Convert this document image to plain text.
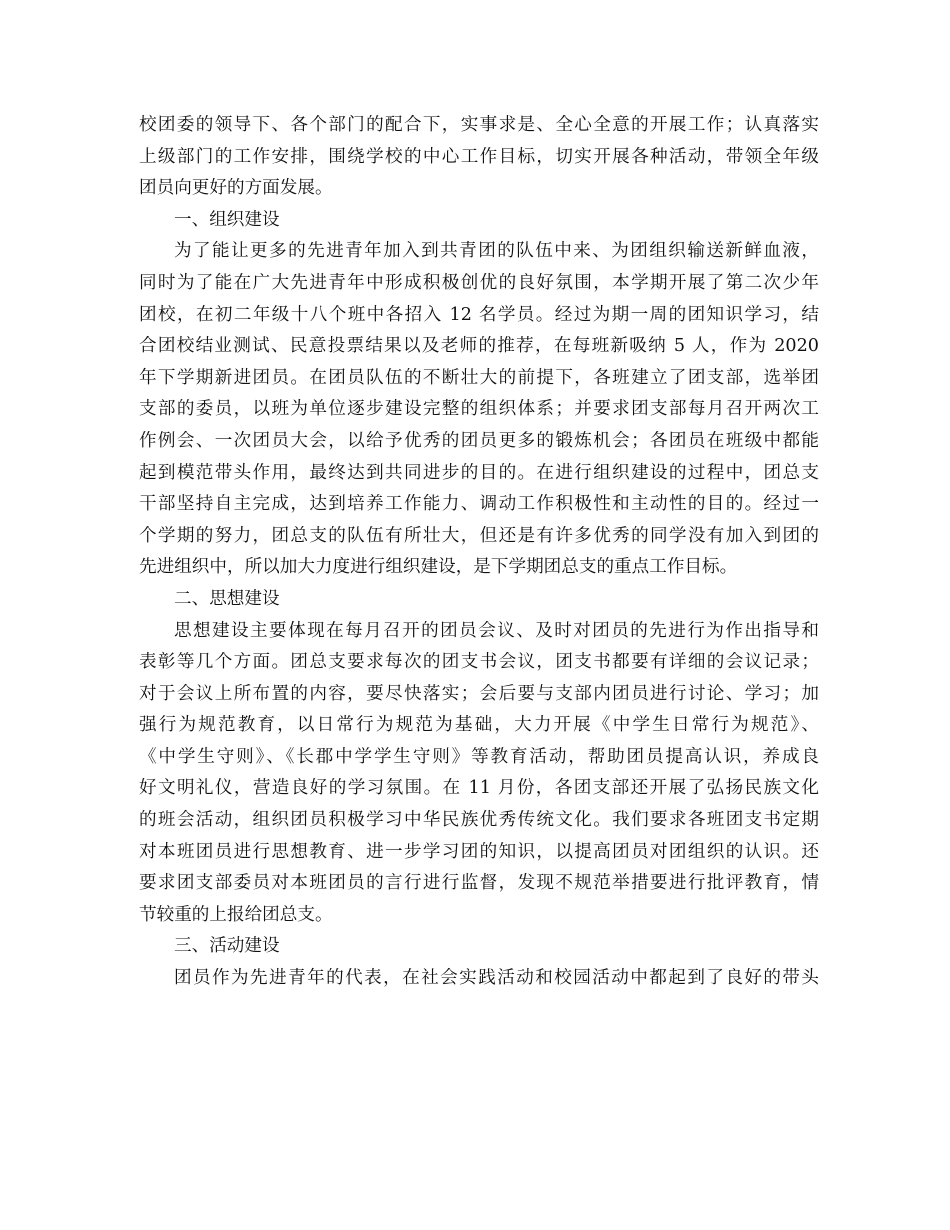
校团委的领导下、各个部门的配合下，实事求是、全心全意的开展工作；认真落实
上级部门的工作安排，围绕学校的中心工作目标，切实开展各种活动，带领全年级
团员向更好的方面发展。
一、组织建设
为了能让更多的先进青年加入到共青团的队伍中来、为团组织输送新鲜血液，
同时为了能在广大先进青年中形成积极创优的良好氛围，本学期开展了第二次少年
团校，在初二年级十八个班中各招入 12 名学员。经过为期一周的团知识学习，结
合团校结业测试、民意投票结果以及老师的推荐，在每班新吸纳 5 人，作为 2020
年下学期新进团员。在团员队伍的不断壮大的前提下，各班建立了团支部，选举团
支部的委员，以班为单位逐步建设完整的组织体系；并要求团支部每月召开两次工
作例会、一次团员大会，以给予优秀的团员更多的锻炼机会；各团员在班级中都能
起到模范带头作用，最终达到共同进步的目的。在进行组织建设的过程中，团总支
干部坚持自主完成，达到培养工作能力、调动工作积极性和主动性的目的。经过一
个学期的努力，团总支的队伍有所壮大，但还是有许多优秀的同学没有加入到团的
先进组织中，所以加大力度进行组织建设，是下学期团总支的重点工作目标。
二、思想建设
思想建设主要体现在每月召开的团员会议、及时对团员的先进行为作出指导和
表彰等几个方面。团总支要求每次的团支书会议，团支书都要有详细的会议记录；
对于会议上所布置的内容，要尽快落实；会后要与支部内团员进行讨论、学习；加
强行为规范教育，以日常行为规范为基础，大力开展《中学生日常行为规范》、
《中学生守则》、《长郡中学学生守则》等教育活动，帮助团员提高认识，养成良
好文明礼仪，营造良好的学习氛围。在 11 月份，各团支部还开展了弘扬民族文化
的班会活动，组织团员积极学习中华民族优秀传统文化。我们要求各班团支书定期
对本班团员进行思想教育、进一步学习团的知识，以提高团员对团组织的认识。还
要求团支部委员对本班团员的言行进行监督，发现不规范举措要进行批评教育，情
节较重的上报给团总支。
三、活动建设
团员作为先进青年的代表，在社会实践活动和校园活动中都起到了良好的带头
